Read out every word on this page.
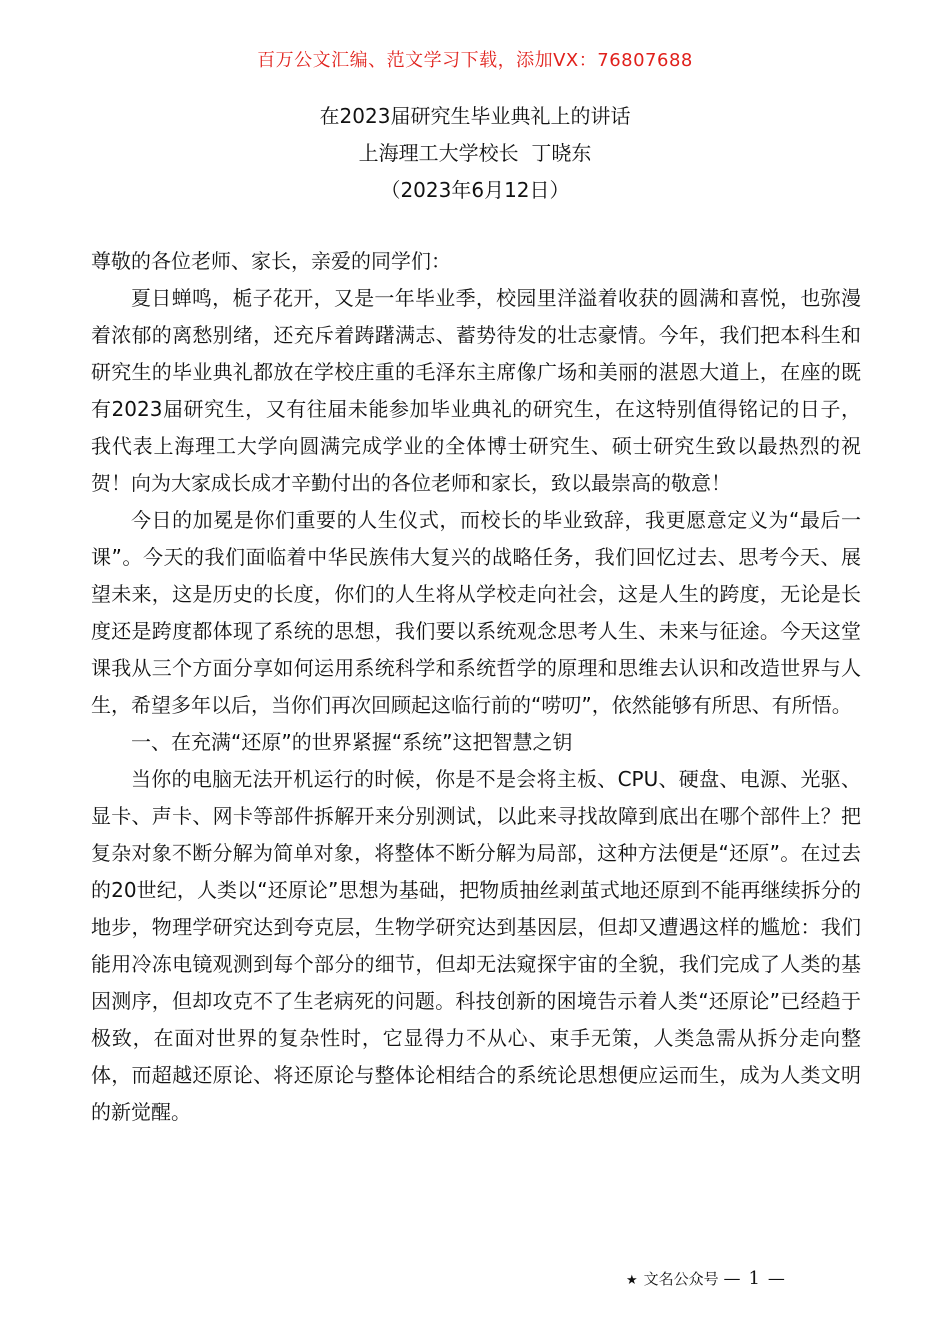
百万公文汇编、范文学习下载，添加VX：76807688
在2023届研究生毕业典礼上的讲话
上海理工大学校长  丁晓东
（2023年6月12日）

尊敬的各位老师、家长，亲爱的同学们：

夏日蝉鸣，栀子花开，又是一年毕业季，校园里洋溢着收获的圆满和喜悦，也弥漫着浓郁的离愁别绪，还充斥着踌躇满志、蓄势待发的壮志豪情。今年，我们把本科生和研究生的毕业典礼都放在学校庄重的毛泽东主席像广场和美丽的湛恩大道上，在座的既有2023届研究生，又有往届未能参加毕业典礼的研究生，在这特别值得铭记的日子，我代表上海理工大学向圆满完成学业的全体博士研究生、硕士研究生致以最热烈的祝贺！向为大家成长成才辛勤付出的各位老师和家长，致以最崇高的敬意！

今日的加冕是你们重要的人生仪式，而校长的毕业致辞，我更愿意定义为“最后一课”。今天的我们面临着中华民族伟大复兴的战略任务，我们回忆过去、思考今天、展望未来，这是历史的长度，你们的人生将从学校走向社会，这是人生的跨度，无论是长度还是跨度都体现了系统的思想，我们要以系统观念思考人生、未来与征途。今天这堂课我从三个方面分享如何运用系统科学和系统哲学的原理和思维去认识和改造世界与人生，希望多年以后，当你们再次回顾起这临行前的“唠叨”，依然能够有所思、有所悟。

一、在充满“还原”的世界紧握“系统”这把智慧之钥

当你的电脑无法开机运行的时候，你是不是会将主板、CPU、硬盘、电源、光驱、显卡、声卡、网卡等部件拆解开来分别测试，以此来寻找故障到底出在哪个部件上？把复杂对象不断分解为简单对象，将整体不断分解为局部，这种方法便是“还原”。在过去的20世纪，人类以“还原论”思想为基础，把物质抽丝剥茧式地还原到不能再继续拆分的地步，物理学研究达到夸克层，生物学研究达到基因层，但却又遭遇这样的尴尬：我们能用冷冻电镜观测到每个部分的细节，但却无法窥探宇宙的全貌，我们完成了人类的基因测序，但却攻克不了生老病死的问题。科技创新的困境告示着人类“还原论”已经趋于极致，在面对世界的复杂性时，它显得力不从心、束手无策，人类急需从拆分走向整体，而超越还原论、将还原论与整体论相结合的系统论思想便应运而生，成为人类文明的新觉醒。

★ 文名公众号 — 1 —
